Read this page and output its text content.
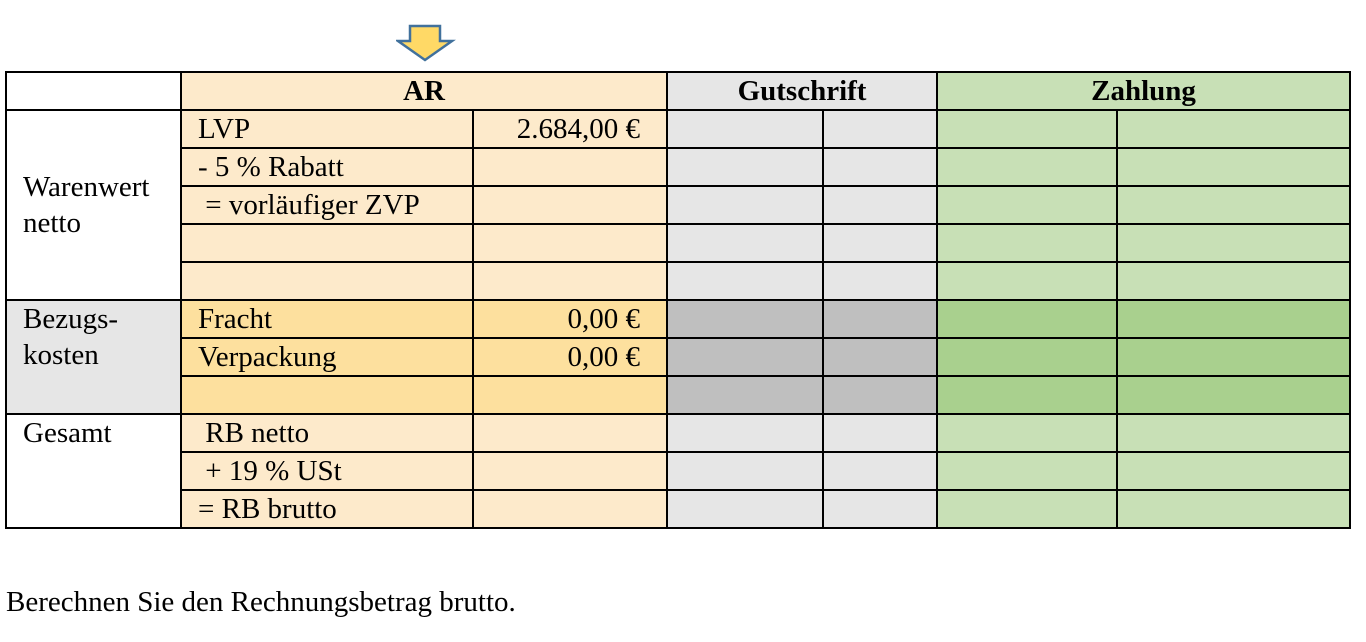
	AR		Gutschrift		Zahlung	
Warenwert netto	LVP	2.684,00 €				
	- 5 % Rabatt					
	= vorläufiger ZVP					

Bezugs-kosten	Fracht	0,00 €				
	Verpackung	0,00 €				

Gesamt	RB netto					
	+ 19 % USt					
	= RB brutto					
Berechnen Sie den Rechnungsbetrag brutto.
